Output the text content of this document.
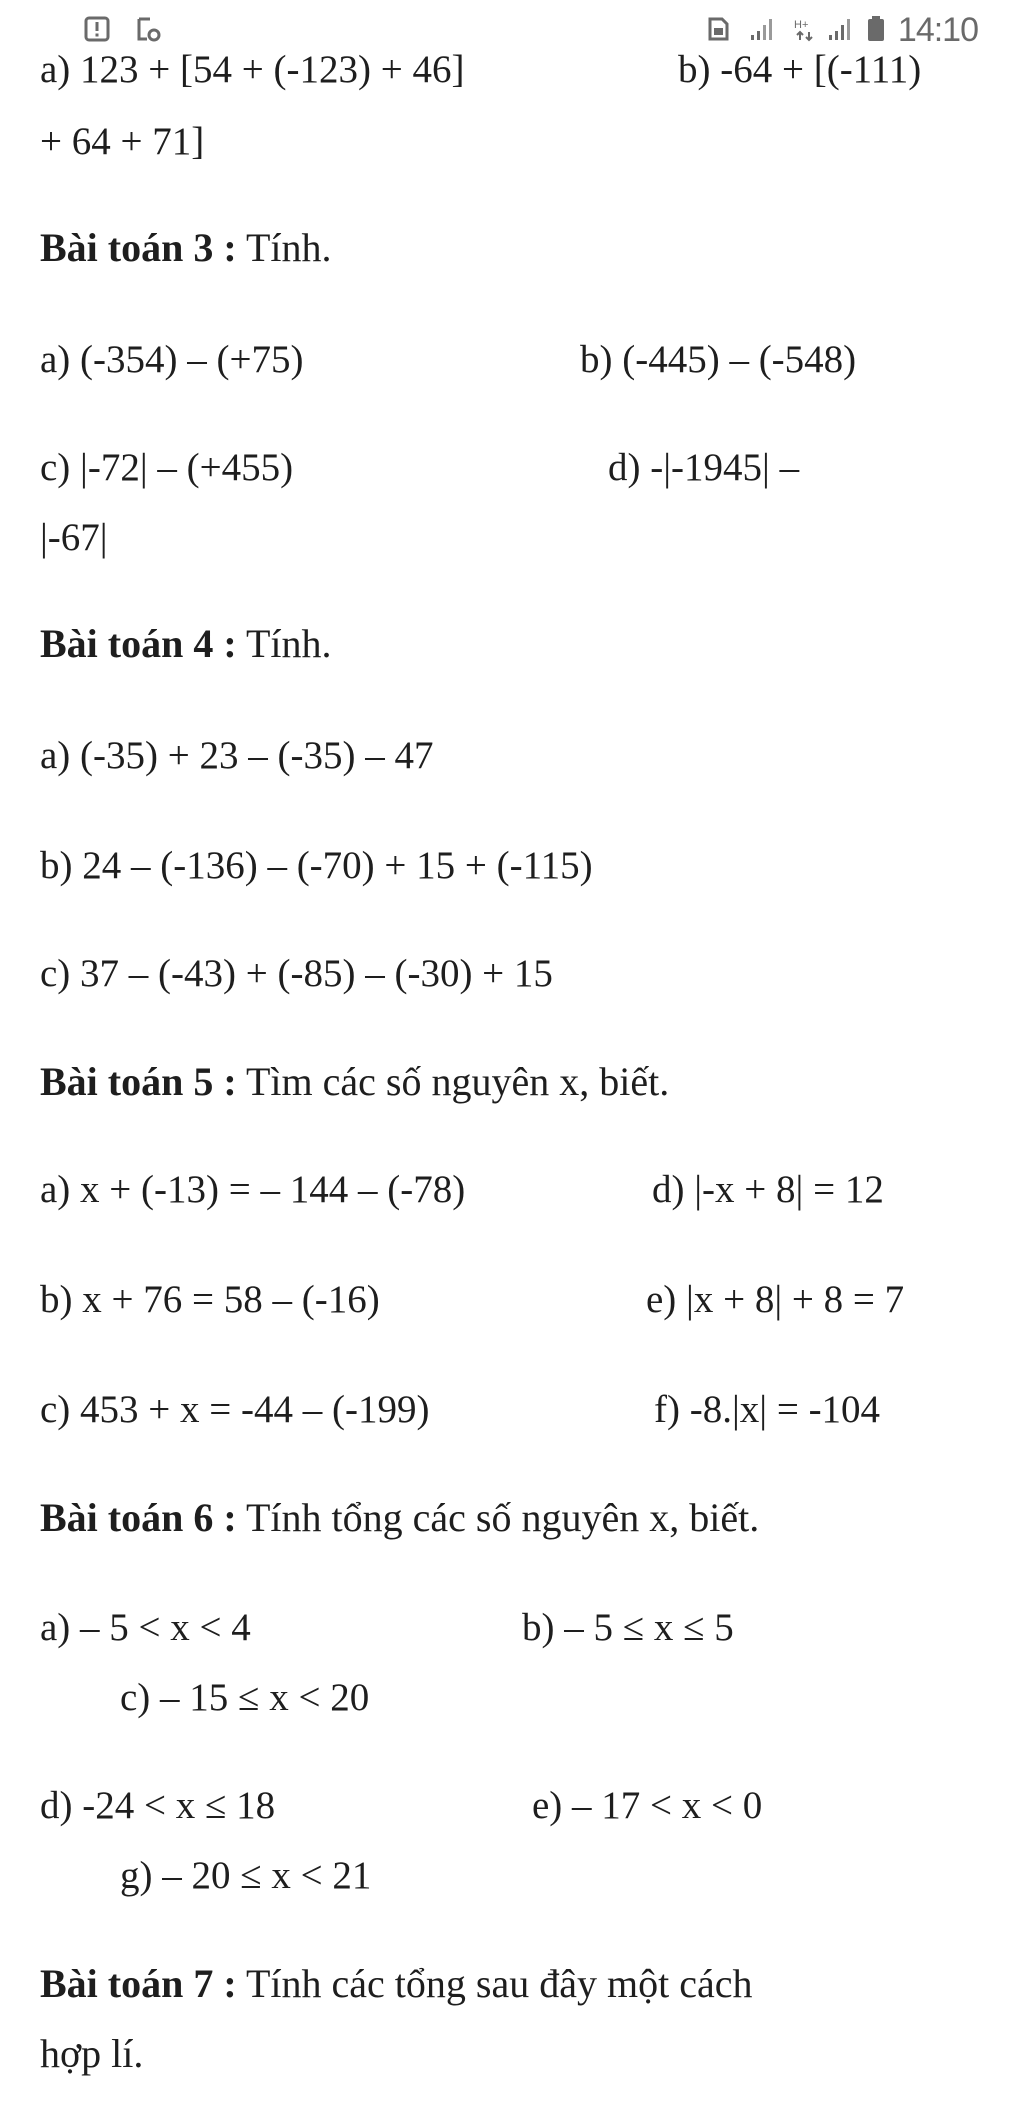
H+	14:10
a) 123 + [54 + (-123) + 46]	b) -64 + [(-111)
+ 64 + 71]
Bài toán 3 : Tính.
a) (-354) – (+75)	b) (-445) – (-548)
c) |-72| – (+455)	d) -|-1945| –
|-67|
Bài toán 4 : Tính.
a) (-35) + 23 – (-35) – 47
b) 24 – (-136) – (-70) + 15 + (-115)
c) 37 – (-43) + (-85) – (-30) + 15
Bài toán 5 : Tìm các số nguyên x, biết.
a) x + (-13) = – 144 – (-78)	d) |-x + 8| = 12
b) x + 76 = 58 – (-16)	e) |x + 8| + 8 = 7
c) 453 + x = -44 – (-199)	f) -8.|x| = -104
Bài toán 6 : Tính tổng các số nguyên x, biết.
a) – 5 < x < 4	b) – 5 ≤ x ≤ 5
c) – 15 ≤ x < 20
d) -24 < x ≤ 18	e) – 17 < x < 0
g) – 20 ≤ x < 21
Bài toán 7 : Tính các tổng sau đây một cách
hợp lí.
